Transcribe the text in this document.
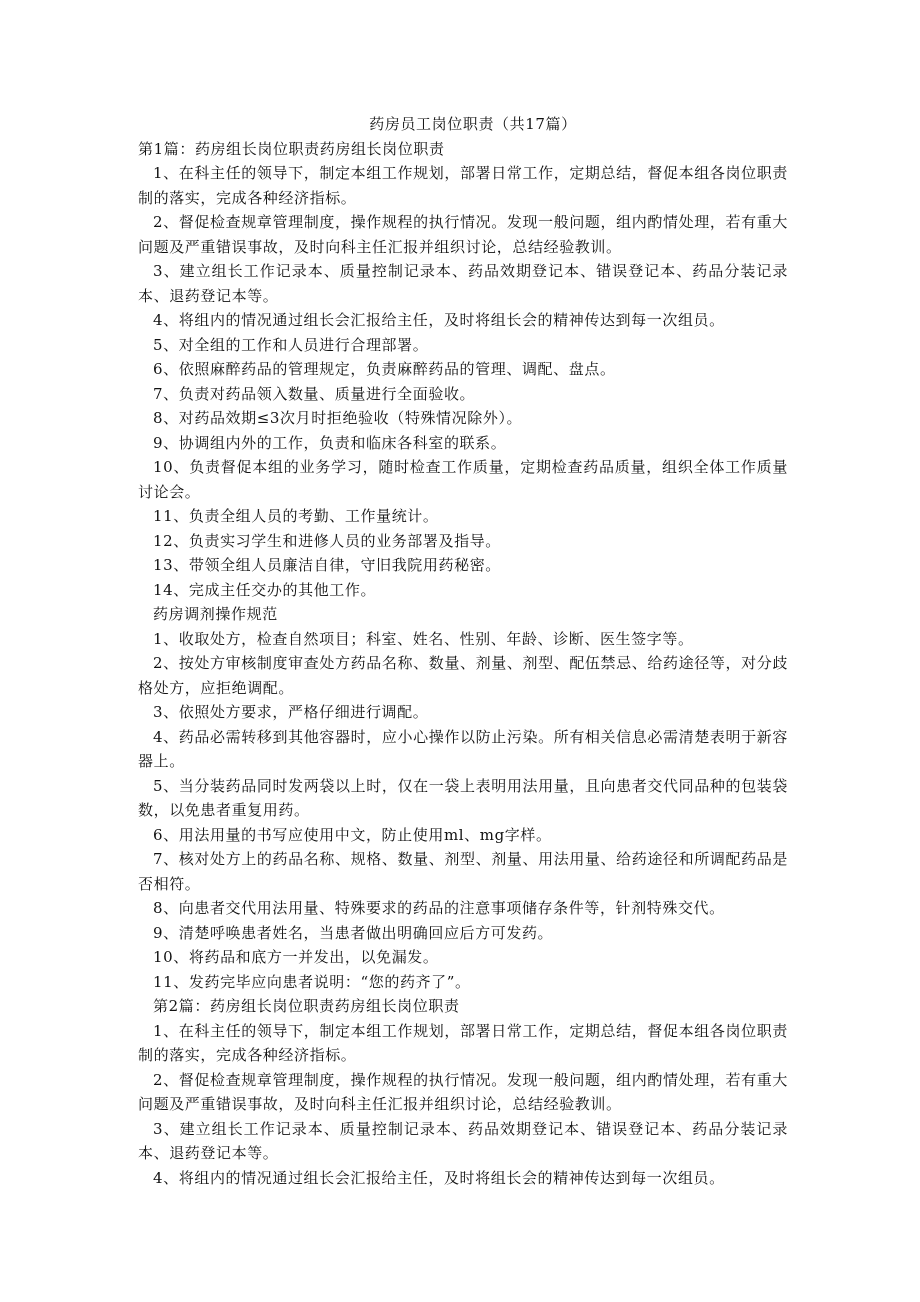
药房员工岗位职责（共17篇）

第1篇：药房组长岗位职责药房组长岗位职责

1、在科主任的领导下，制定本组工作规划，部署日常工作，定期总结，督促本组各岗位职责制的落实，完成各种经济指标。

2、督促检查规章管理制度，操作规程的执行情况。发现一般问题，组内酌情处理，若有重大问题及严重错误事故，及时向科主任汇报并组织讨论，总结经验教训。

3、建立组长工作记录本、质量控制记录本、药品效期登记本、错误登记本、药品分装记录本、退药登记本等。

4、将组内的情况通过组长会汇报给主任，及时将组长会的精神传达到每一次组员。

5、对全组的工作和人员进行合理部署。

6、依照麻醉药品的管理规定，负责麻醉药品的管理、调配、盘点。

7、负责对药品领入数量、质量进行全面验收。

8、对药品效期≤3次月时拒绝验收（特殊情况除外）。

9、协调组内外的工作，负责和临床各科室的联系。

10、负责督促本组的业务学习，随时检查工作质量，定期检查药品质量，组织全体工作质量讨论会。

11、负责全组人员的考勤、工作量统计。

12、负责实习学生和进修人员的业务部署及指导。

13、带领全组人员廉洁自律，守旧我院用药秘密。

14、完成主任交办的其他工作。

药房调剂操作规范

1、收取处方，检查自然项目；科室、姓名、性别、年龄、诊断、医生签字等。

2、按处方审核制度审查处方药品名称、数量、剂量、剂型、配伍禁忌、给药途径等，对分歧格处方，应拒绝调配。

3、依照处方要求，严格仔细进行调配。

4、药品必需转移到其他容器时，应小心操作以防止污染。所有相关信息必需清楚表明于新容器上。

5、当分装药品同时发两袋以上时，仅在一袋上表明用法用量，且向患者交代同品种的包装袋数，以免患者重复用药。

6、用法用量的书写应使用中文，防止使用ml、mg字样。

7、核对处方上的药品名称、规格、数量、剂型、剂量、用法用量、给药途径和所调配药品是否相符。

8、向患者交代用法用量、特殊要求的药品的注意事项储存条件等，针剂特殊交代。

9、清楚呼唤患者姓名，当患者做出明确回应后方可发药。

10、将药品和底方一并发出，以免漏发。

11、发药完毕应向患者说明：“您的药齐了”。

第2篇：药房组长岗位职责药房组长岗位职责

1、在科主任的领导下，制定本组工作规划，部署日常工作，定期总结，督促本组各岗位职责制的落实，完成各种经济指标。

2、督促检查规章管理制度，操作规程的执行情况。发现一般问题，组内酌情处理，若有重大问题及严重错误事故，及时向科主任汇报并组织讨论，总结经验教训。

3、建立组长工作记录本、质量控制记录本、药品效期登记本、错误登记本、药品分装记录本、退药登记本等。

4、将组内的情况通过组长会汇报给主任，及时将组长会的精神传达到每一次组员。
